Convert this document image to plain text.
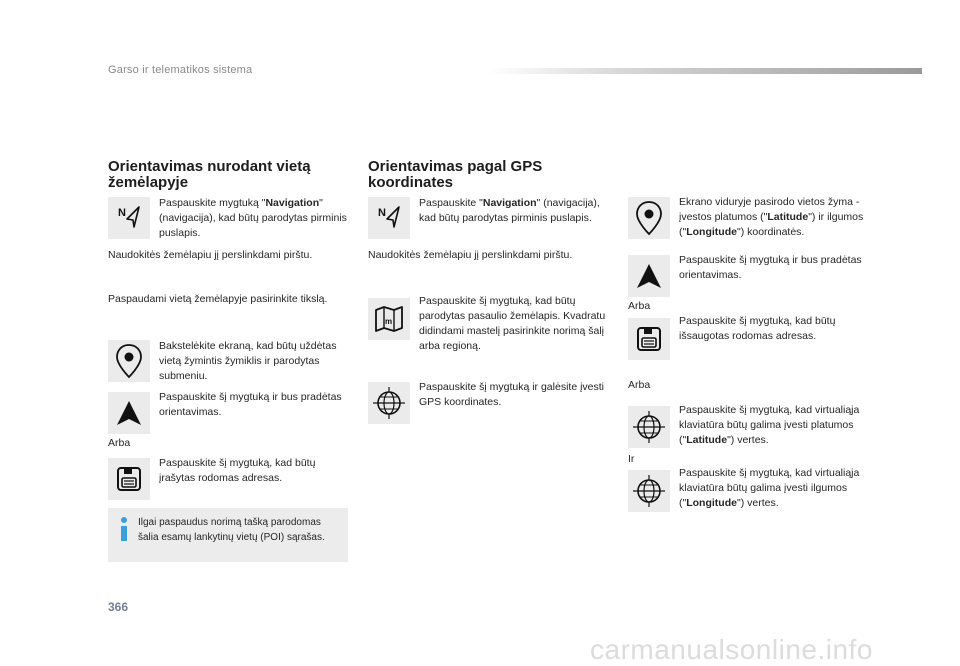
Garso ir telematikos sistema
Orientavimas nurodant vietą
žemėlapyje
N
Paspauskite mygtuką "Navigation" (navigacija), kad būtų parodytas pirminis puslapis.
Naudokitės žemėlapiu jį perslinkdami pirštu.
Paspaudami vietą žemėlapyje pasirinkite tikslą.
Bakstelėkite ekraną, kad būtų uždėtas vietą žymintis žymiklis ir parodytas submeniu.
Paspauskite šį mygtuką ir bus pradėtas orientavimas.
Arba
Paspauskite šį mygtuką, kad būtų įrašytas rodomas adresas.
Ilgai paspaudus norimą tašką parodomas šalia esamų lankytinų vietų (POI) sąrašas.
Orientavimas pagal GPS
koordinates
N
Paspauskite "Navigation" (navigacija), kad būtų parodytas pirminis puslapis.
Naudokitės žemėlapiu jį perslinkdami pirštu.
m
Paspauskite šį mygtuką, kad būtų parodytas pasaulio žemėlapis. Kvadratu didindami mastelį pasirinkite norimą šalį arba regioną.
Paspauskite šį mygtuką ir galėsite įvesti GPS koordinates.
Ekrano viduryje pasirodo vietos žyma - įvestos platumos ("Latitude") ir ilgumos ("Longitude") koordinatės.
Paspauskite šį mygtuką ir bus pradėtas orientavimas.
Arba
Paspauskite šį mygtuką, kad būtų išsaugotas rodomas adresas.
Arba
Paspauskite šį mygtuką, kad virtualiąja klaviatūra būtų galima įvesti platumos ("Latitude") vertes.
Ir
Paspauskite šį mygtuką, kad virtualiąja klaviatūra būtų galima įvesti ilgumos ("Longitude") vertes.
366
carmanualsonline.info
